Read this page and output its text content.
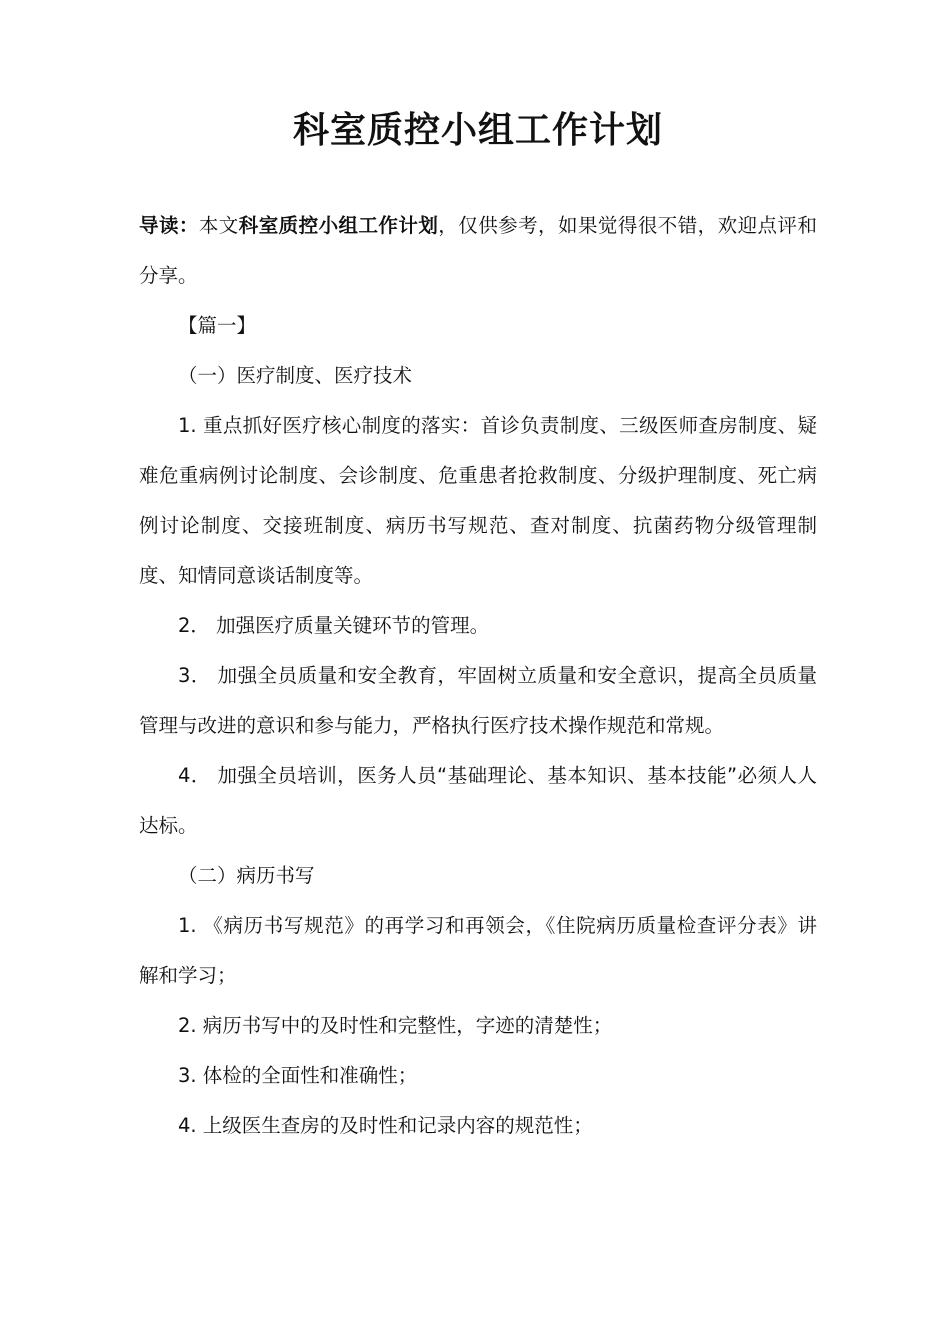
科室质控小组工作计划

导读：本文科室质控小组工作计划，仅供参考，如果觉得很不错，欢迎点评和分享。

【篇一】

（一）医疗制度、医疗技术

1. 重点抓好医疗核心制度的落实：首诊负责制度、三级医师查房制度、疑难危重病例讨论制度、会诊制度、危重患者抢救制度、分级护理制度、死亡病例讨论制度、交接班制度、病历书写规范、查对制度、抗菌药物分级管理制度、知情同意谈话制度等。

2． 加强医疗质量关键环节的管理。

3． 加强全员质量和安全教育，牢固树立质量和安全意识，提高全员质量管理与改进的意识和参与能力，严格执行医疗技术操作规范和常规。

4． 加强全员培训，医务人员“基础理论、基本知识、基本技能”必须人人达标。

（二）病历书写

1. 《病历书写规范》的再学习和再领会，《住院病历质量检查评分表》讲解和学习；

2. 病历书写中的及时性和完整性，字迹的清楚性；

3. 体检的全面性和准确性；

4. 上级医生查房的及时性和记录内容的规范性；
